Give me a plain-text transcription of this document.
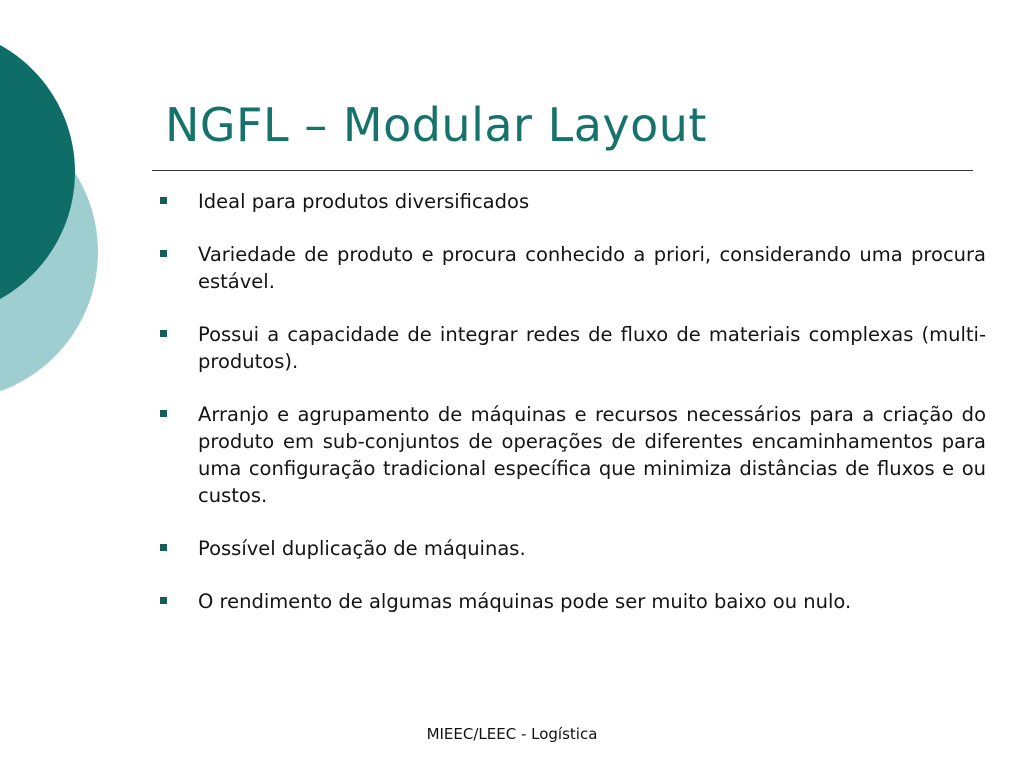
NGFL – Modular Layout
Ideal para produtos diversificados
Variedade de produto e procura conhecido a priori, considerando uma procura estável.
Possui a capacidade de integrar redes de fluxo de materiais complexas (multi-produtos).
Arranjo e agrupamento de máquinas e recursos necessários para a criação do produto em sub-conjuntos de operações de diferentes encaminhamentos para uma configuração tradicional específica que minimiza distâncias de fluxos e ou custos.
Possível duplicação de máquinas.
O rendimento de algumas máquinas pode ser muito baixo ou nulo.
MIEEC/LEEC - Logística
